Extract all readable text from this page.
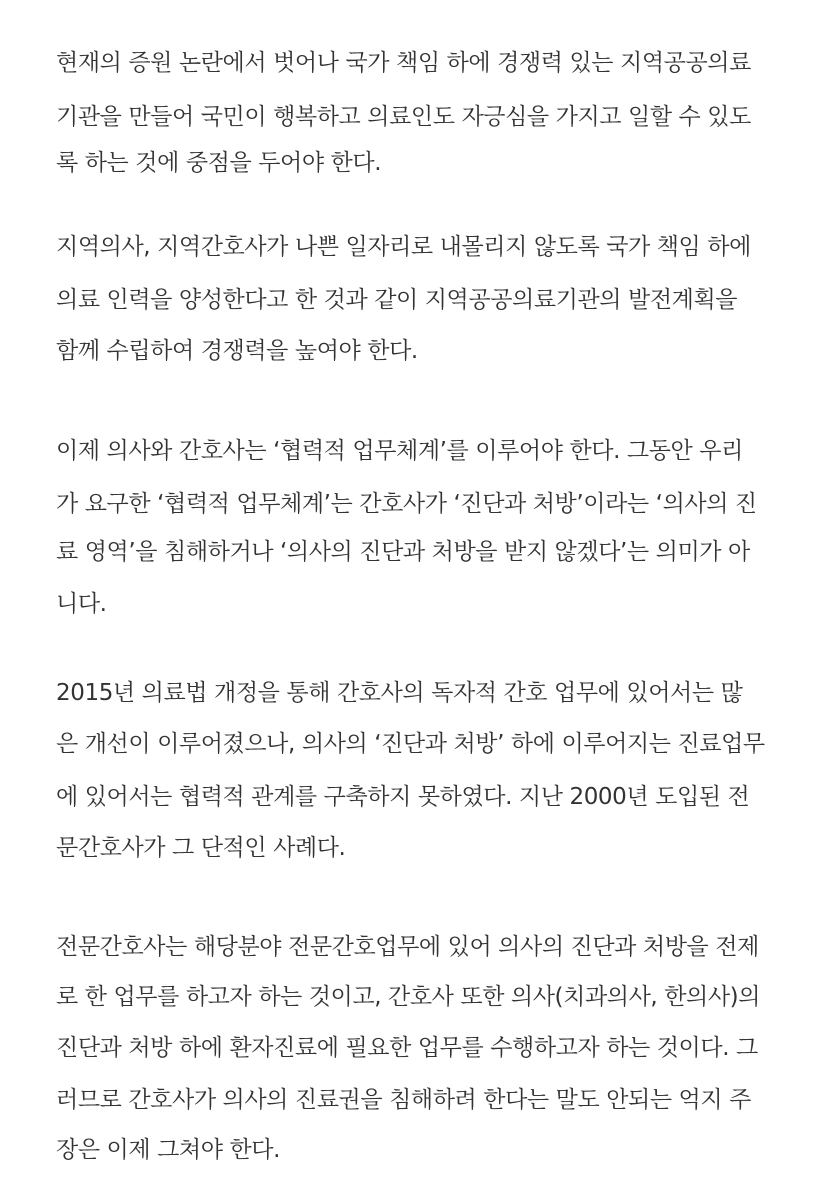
현재의 증원 논란에서 벗어나 국가 책임 하에 경쟁력 있는 지역공공의료

기관을 만들어 국민이 행복하고 의료인도 자긍심을 가지고 일할 수 있도

록 하는 것에 중점을 두어야 한다.

지역의사, 지역간호사가 나쁜 일자리로 내몰리지 않도록 국가 책임 하에

의료 인력을 양성한다고 한 것과 같이 지역공공의료기관의 발전계획을

함께 수립하여 경쟁력을 높여야 한다.

이제 의사와 간호사는 ‘협력적 업무체계’를 이루어야 한다. 그동안 우리

가 요구한 ‘협력적 업무체계’는 간호사가 ‘진단과 처방’이라는 ‘의사의 진

료 영역’을 침해하거나 ‘의사의 진단과 처방을 받지 않겠다’는 의미가 아

니다.

2015년 의료법 개정을 통해 간호사의 독자적 간호 업무에 있어서는 많

은 개선이 이루어졌으나, 의사의 ‘진단과 처방’ 하에 이루어지는 진료업무

에 있어서는 협력적 관계를 구축하지 못하였다. 지난 2000년 도입된 전

문간호사가 그 단적인 사례다.

전문간호사는 해당분야 전문간호업무에 있어 의사의 진단과 처방을 전제

로 한 업무를 하고자 하는 것이고, 간호사 또한 의사(치과의사, 한의사)의

진단과 처방 하에 환자진료에 필요한 업무를 수행하고자 하는 것이다. 그

러므로 간호사가 의사의 진료권을 침해하려 한다는 말도 안되는 억지 주

장은 이제 그쳐야 한다.
